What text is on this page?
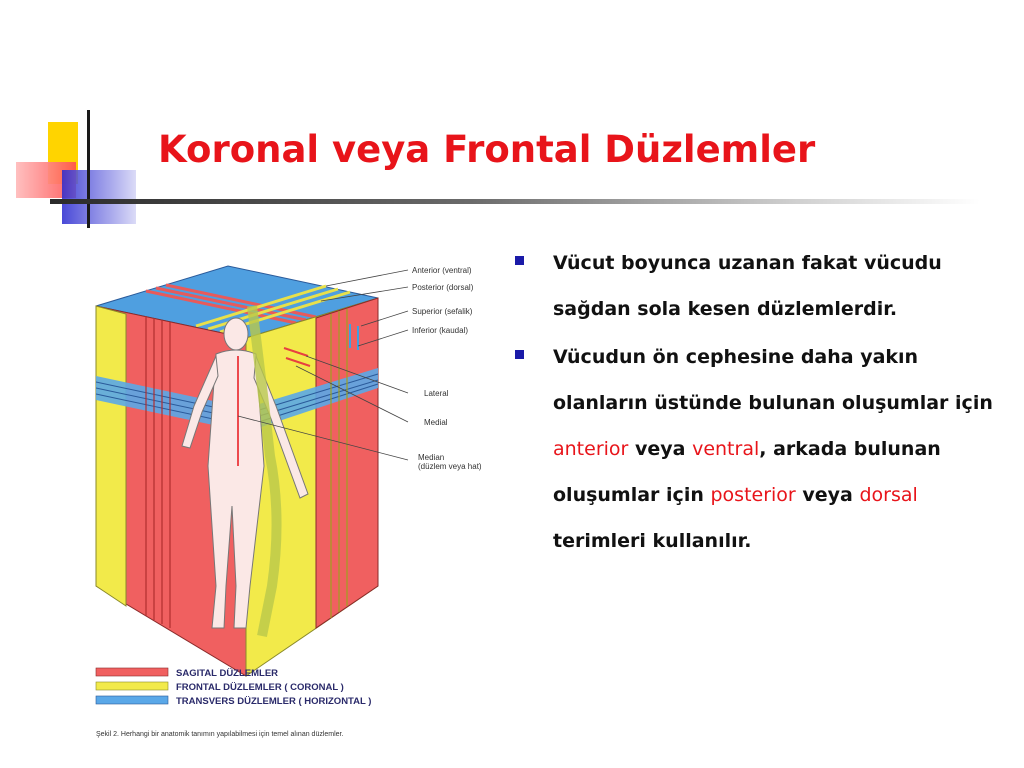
Koronal veya Frontal Düzlemler
Anterior (ventral)
Posterior (dorsal)
Superior (sefalik)
Inferior (kaudal)
Lateral
Medial
Median
(düzlem veya hat)
SAGITAL DÜZLEMLER
FRONTAL DÜZLEMLER ( CORONAL )
TRANSVERS DÜZLEMLER ( HORIZONTAL )
Şekil 2. Herhangi bir anatomik tanımın yapılabilmesi için temel alınan düzlemler.
Vücut boyunca uzanan fakat vücudu sağdan sola kesen düzlemlerdir.
Vücudun ön cephesine daha yakın olanların üstünde bulunan oluşumlar için anterior veya ventral, arkada bulunan oluşumlar için posterior veya dorsal terimleri kullanılır.
